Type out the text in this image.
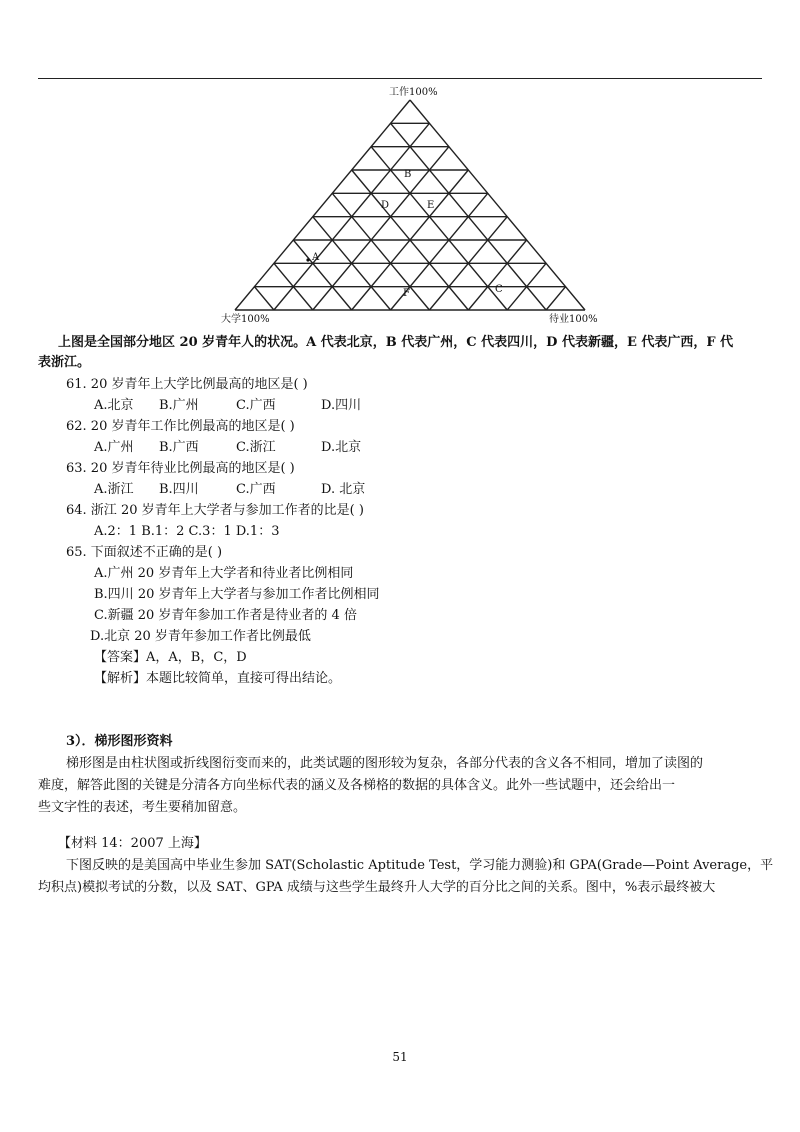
工作100%
大学100%	待业100%
B
D	E
A
F	C
上图是全国部分地区 20 岁青年人的状况。A 代表北京，B 代表广州，C 代表四川，D 代表新疆，E 代表广西，F 代
表浙江。
61. 20 岁青年上大学比例最高的地区是( )
A.北京 B.广州	C.广西	D.四川
62. 20 岁青年工作比例最高的地区是( )
A.广州 B.广西	C.浙江	D.北京
63. 20 岁青年待业比例最高的地区是( )
A.浙江 B.四川	C.广西	D. 北京
64. 浙江 20 岁青年上大学者与参加工作者的比是( )
A.2：1 B.1：2 C.3：1 D.1：3
65. 下面叙述不正确的是( )
A.广州 20 岁青年上大学者和待业者比例相同
B.四川 20 岁青年上大学者与参加工作者比例相同
C.新疆 20 岁青年参加工作者是待业者的 4 倍
D.北京 20 岁青年参加工作者比例最低
【答案】A，A，B，C，D
【解析】本题比较简单，直接可得出结论。
3）．梯形图形资料
梯形图是由柱状图或折线图衍变而来的，此类试题的图形较为复杂，各部分代表的含义各不相同，增加了读图的
难度，解答此图的关键是分清各方向坐标代表的涵义及各梯格的数据的具体含义。此外一些试题中，还会给出一
些文字性的表述，考生要稍加留意。
【材料 14：2007 上海】
下图反映的是美国高中毕业生参加 SAT(Scholastic Aptitude Test，学习能力测验)和 GPA(Grade—Point Average，平
均积点)模拟考试的分数，以及 SAT、GPA 成绩与这些学生最终升人大学的百分比之间的关系。图中，%表示最终被大
51
